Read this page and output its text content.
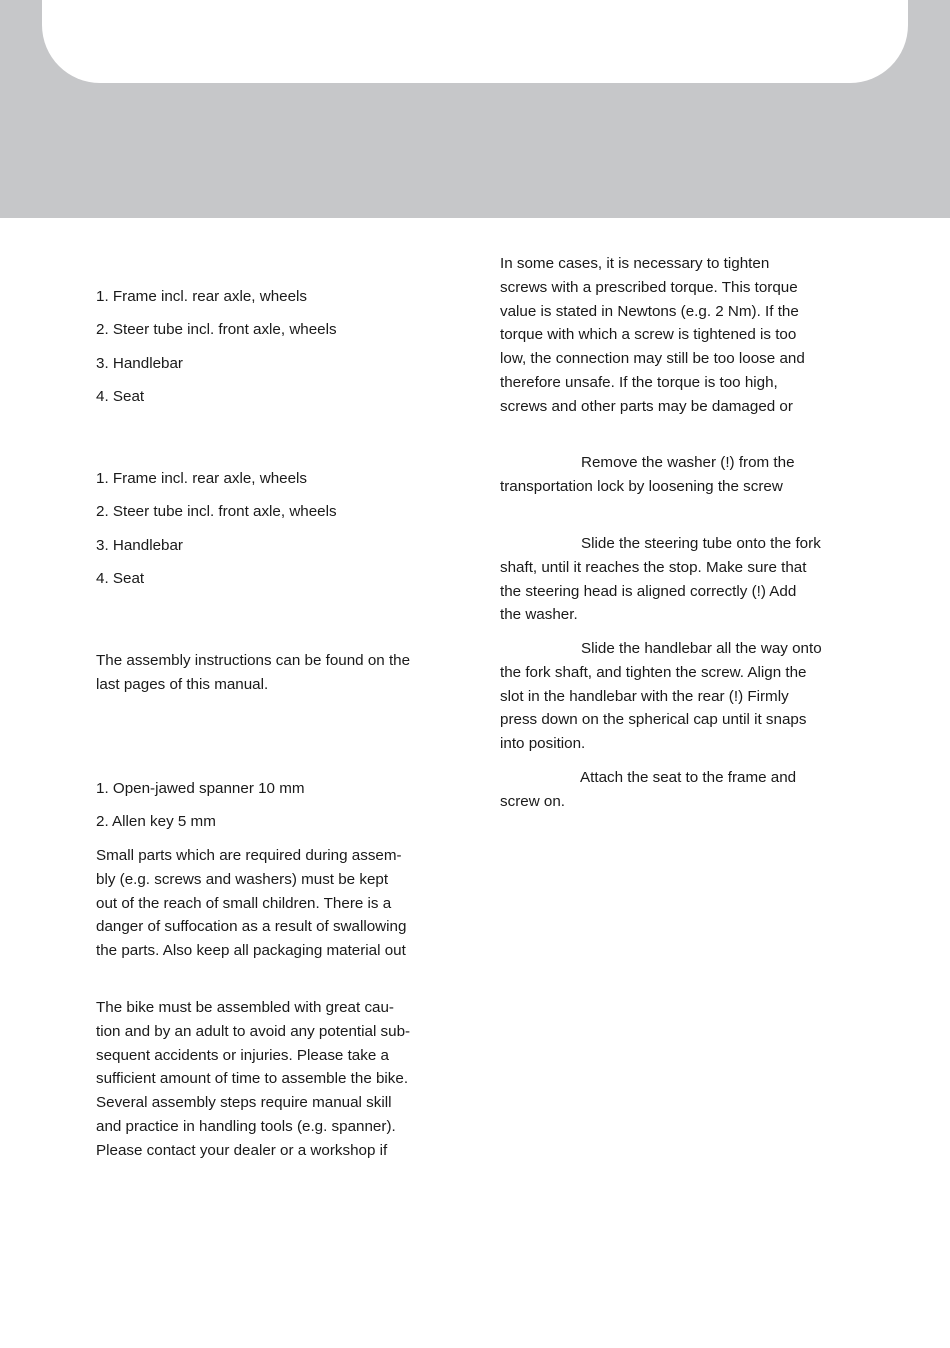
1. Frame incl. rear axle, wheels

2. Steer tube incl. front axle, wheels

3. Handlebar

4. Seat

1. Frame incl. rear axle, wheels

2. Steer tube incl. front axle, wheels

3. Handlebar

4. Seat

The assembly instructions can be found on the

last pages of this manual.

1. Open-jawed spanner 10 mm

2. Allen key 5 mm

Small parts which are required during assem-

bly (e.g. screws and washers) must be kept

out of the reach of small children. There is a

danger of suffocation as a result of swallowing

the parts. Also keep all packaging material out

The bike must be assembled with great cau-

tion and by an adult to avoid any potential sub-

sequent accidents or injuries. Please take a

sufficient amount of time to assemble the bike.

Several assembly steps require manual skill

and practice in handling tools (e.g. spanner).

Please contact your dealer or a workshop if

In some cases, it is necessary to tighten

screws with a prescribed torque. This torque

value is stated in Newtons (e.g. 2 Nm). If the

torque with which a screw is tightened is too

low, the connection may still be too loose and

therefore unsafe. If the torque is too high,

screws and other parts may be damaged or

Remove the washer (!) from the

transportation lock by loosening the screw

Slide the steering tube onto the fork

shaft, until it reaches the stop. Make sure that

the steering head is aligned correctly (!) Add

the washer.

Slide the handlebar all the way onto

the fork shaft, and tighten the screw. Align the

slot in the handlebar with the rear (!) Firmly

press down on the spherical cap until it snaps

into position.

Attach the seat to the frame and

screw on.
